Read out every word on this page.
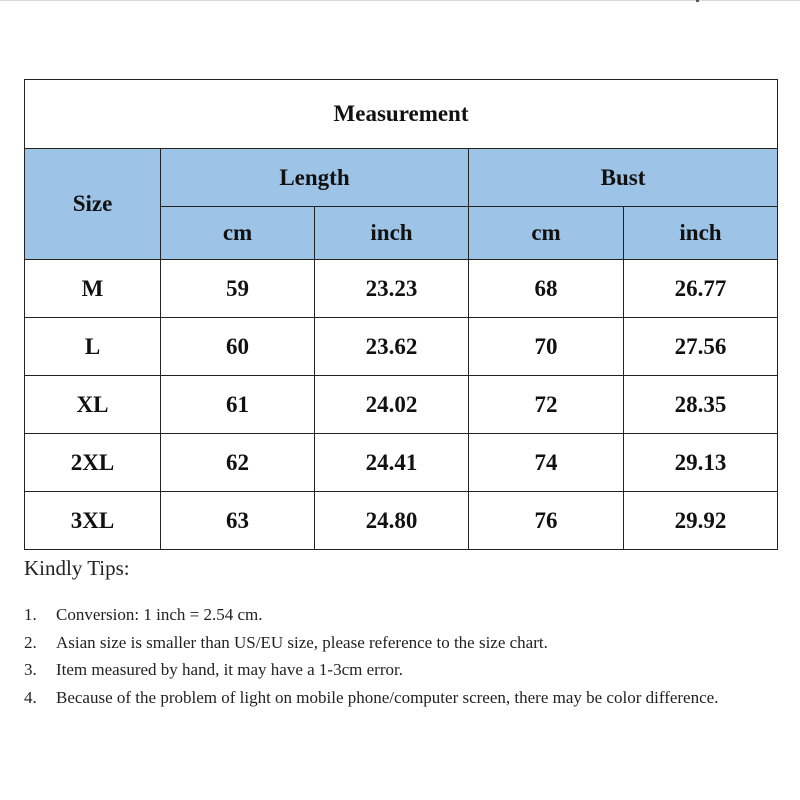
Measurement				
Size	Length		Bust	
	cm	inch	cm	inch
M	59	23.23	68	26.77
L	60	23.62	70	27.56
XL	61	24.02	72	28.35
2XL	62	24.41	74	29.13
3XL	63	24.80	76	29.92
Kindly Tips:
1. Conversion: 1 inch = 2.54 cm.
2. Asian size is smaller than US/EU size, please reference to the size chart.
3. Item measured by hand, it may have a 1-3cm error.
4. Because of the problem of light on mobile phone/computer screen, there may be color difference.
